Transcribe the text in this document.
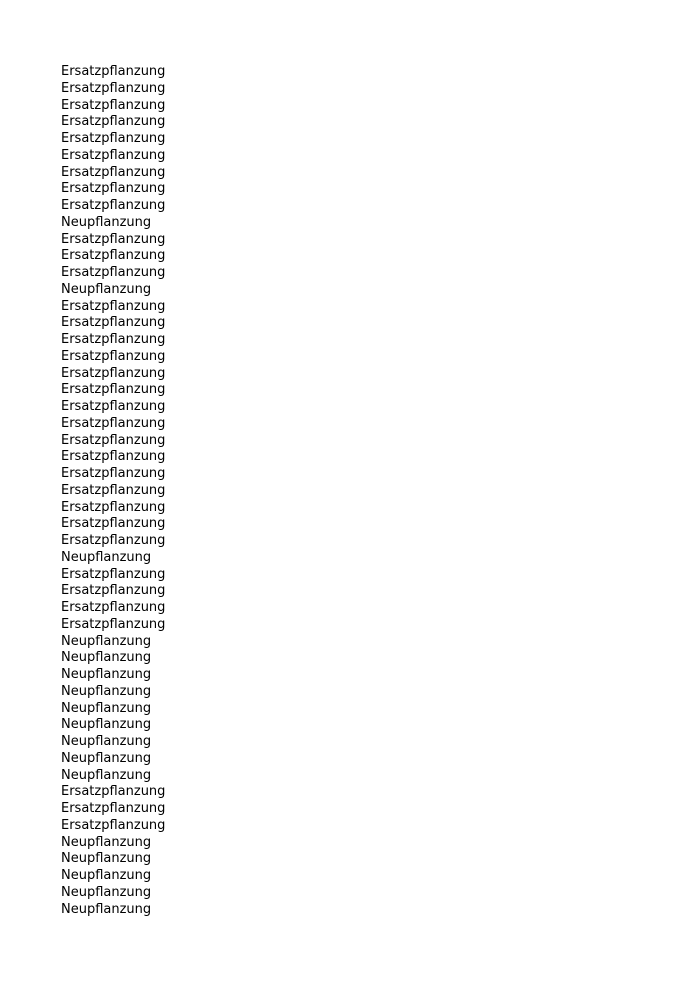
Ersatzpflanzung
Ersatzpflanzung
Ersatzpflanzung
Ersatzpflanzung
Ersatzpflanzung
Ersatzpflanzung
Ersatzpflanzung
Ersatzpflanzung
Ersatzpflanzung
Neupflanzung
Ersatzpflanzung
Ersatzpflanzung
Ersatzpflanzung
Neupflanzung
Ersatzpflanzung
Ersatzpflanzung
Ersatzpflanzung
Ersatzpflanzung
Ersatzpflanzung
Ersatzpflanzung
Ersatzpflanzung
Ersatzpflanzung
Ersatzpflanzung
Ersatzpflanzung
Ersatzpflanzung
Ersatzpflanzung
Ersatzpflanzung
Ersatzpflanzung
Ersatzpflanzung
Neupflanzung
Ersatzpflanzung
Ersatzpflanzung
Ersatzpflanzung
Ersatzpflanzung
Neupflanzung
Neupflanzung
Neupflanzung
Neupflanzung
Neupflanzung
Neupflanzung
Neupflanzung
Neupflanzung
Neupflanzung
Ersatzpflanzung
Ersatzpflanzung
Ersatzpflanzung
Neupflanzung
Neupflanzung
Neupflanzung
Neupflanzung
Neupflanzung
